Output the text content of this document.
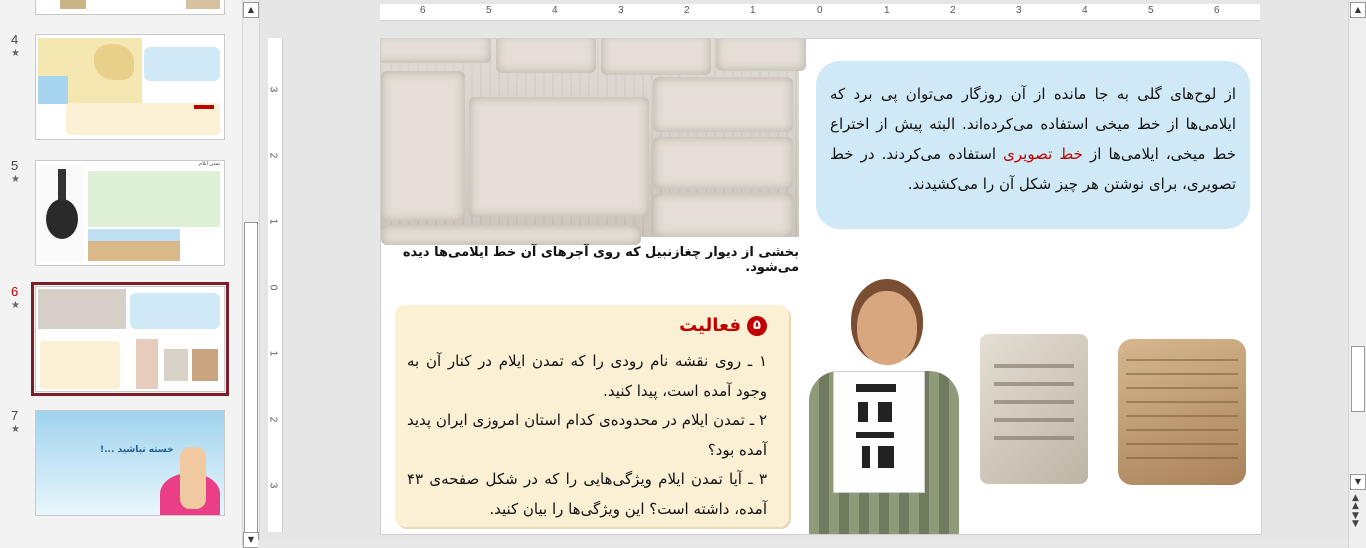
4
★
5
★
تمدن ایلام
6
★
7
★
خسته نباشید ...!
▲
▼
6	5	4	3	2	1	0	1	2	3	4	5	6
3
2
1
0
1
2
3
بخشی از دیوار چغازنبیل که روی آجرهای آن خط ایلامی‌ها دیده می‌شود.
از لوح‌های گلی به جا مانده از آن روزگار می‌توان پی برد که ایلامی‌ها از خط میخی استفاده می‌کرده‌اند. البته پیش از اختراع خط میخی، ایلامی‌ها از خط تصویری استفاده می‌کردند. در خط تصویری، برای نوشتن هر چیز شکل آن را می‌کشیدند.
۵فعالیت

۱ ـ روی نقشه نام رودی را که تمدن ایلام در کنار آن به وجود آمده است، پیدا کنید.

۲ ـ تمدن ایلام در محدوده‌ی کدام استان امروزی ایران پدید آمده بود؟

۳ ـ آیا تمدن ایلام ویژگی‌هایی را که در شکل صفحه‌ی ۴۳ آمده، داشته است؟ این ویژگی‌ها را بیان کنید.

▲
▼
▲
▲
▼
▼
